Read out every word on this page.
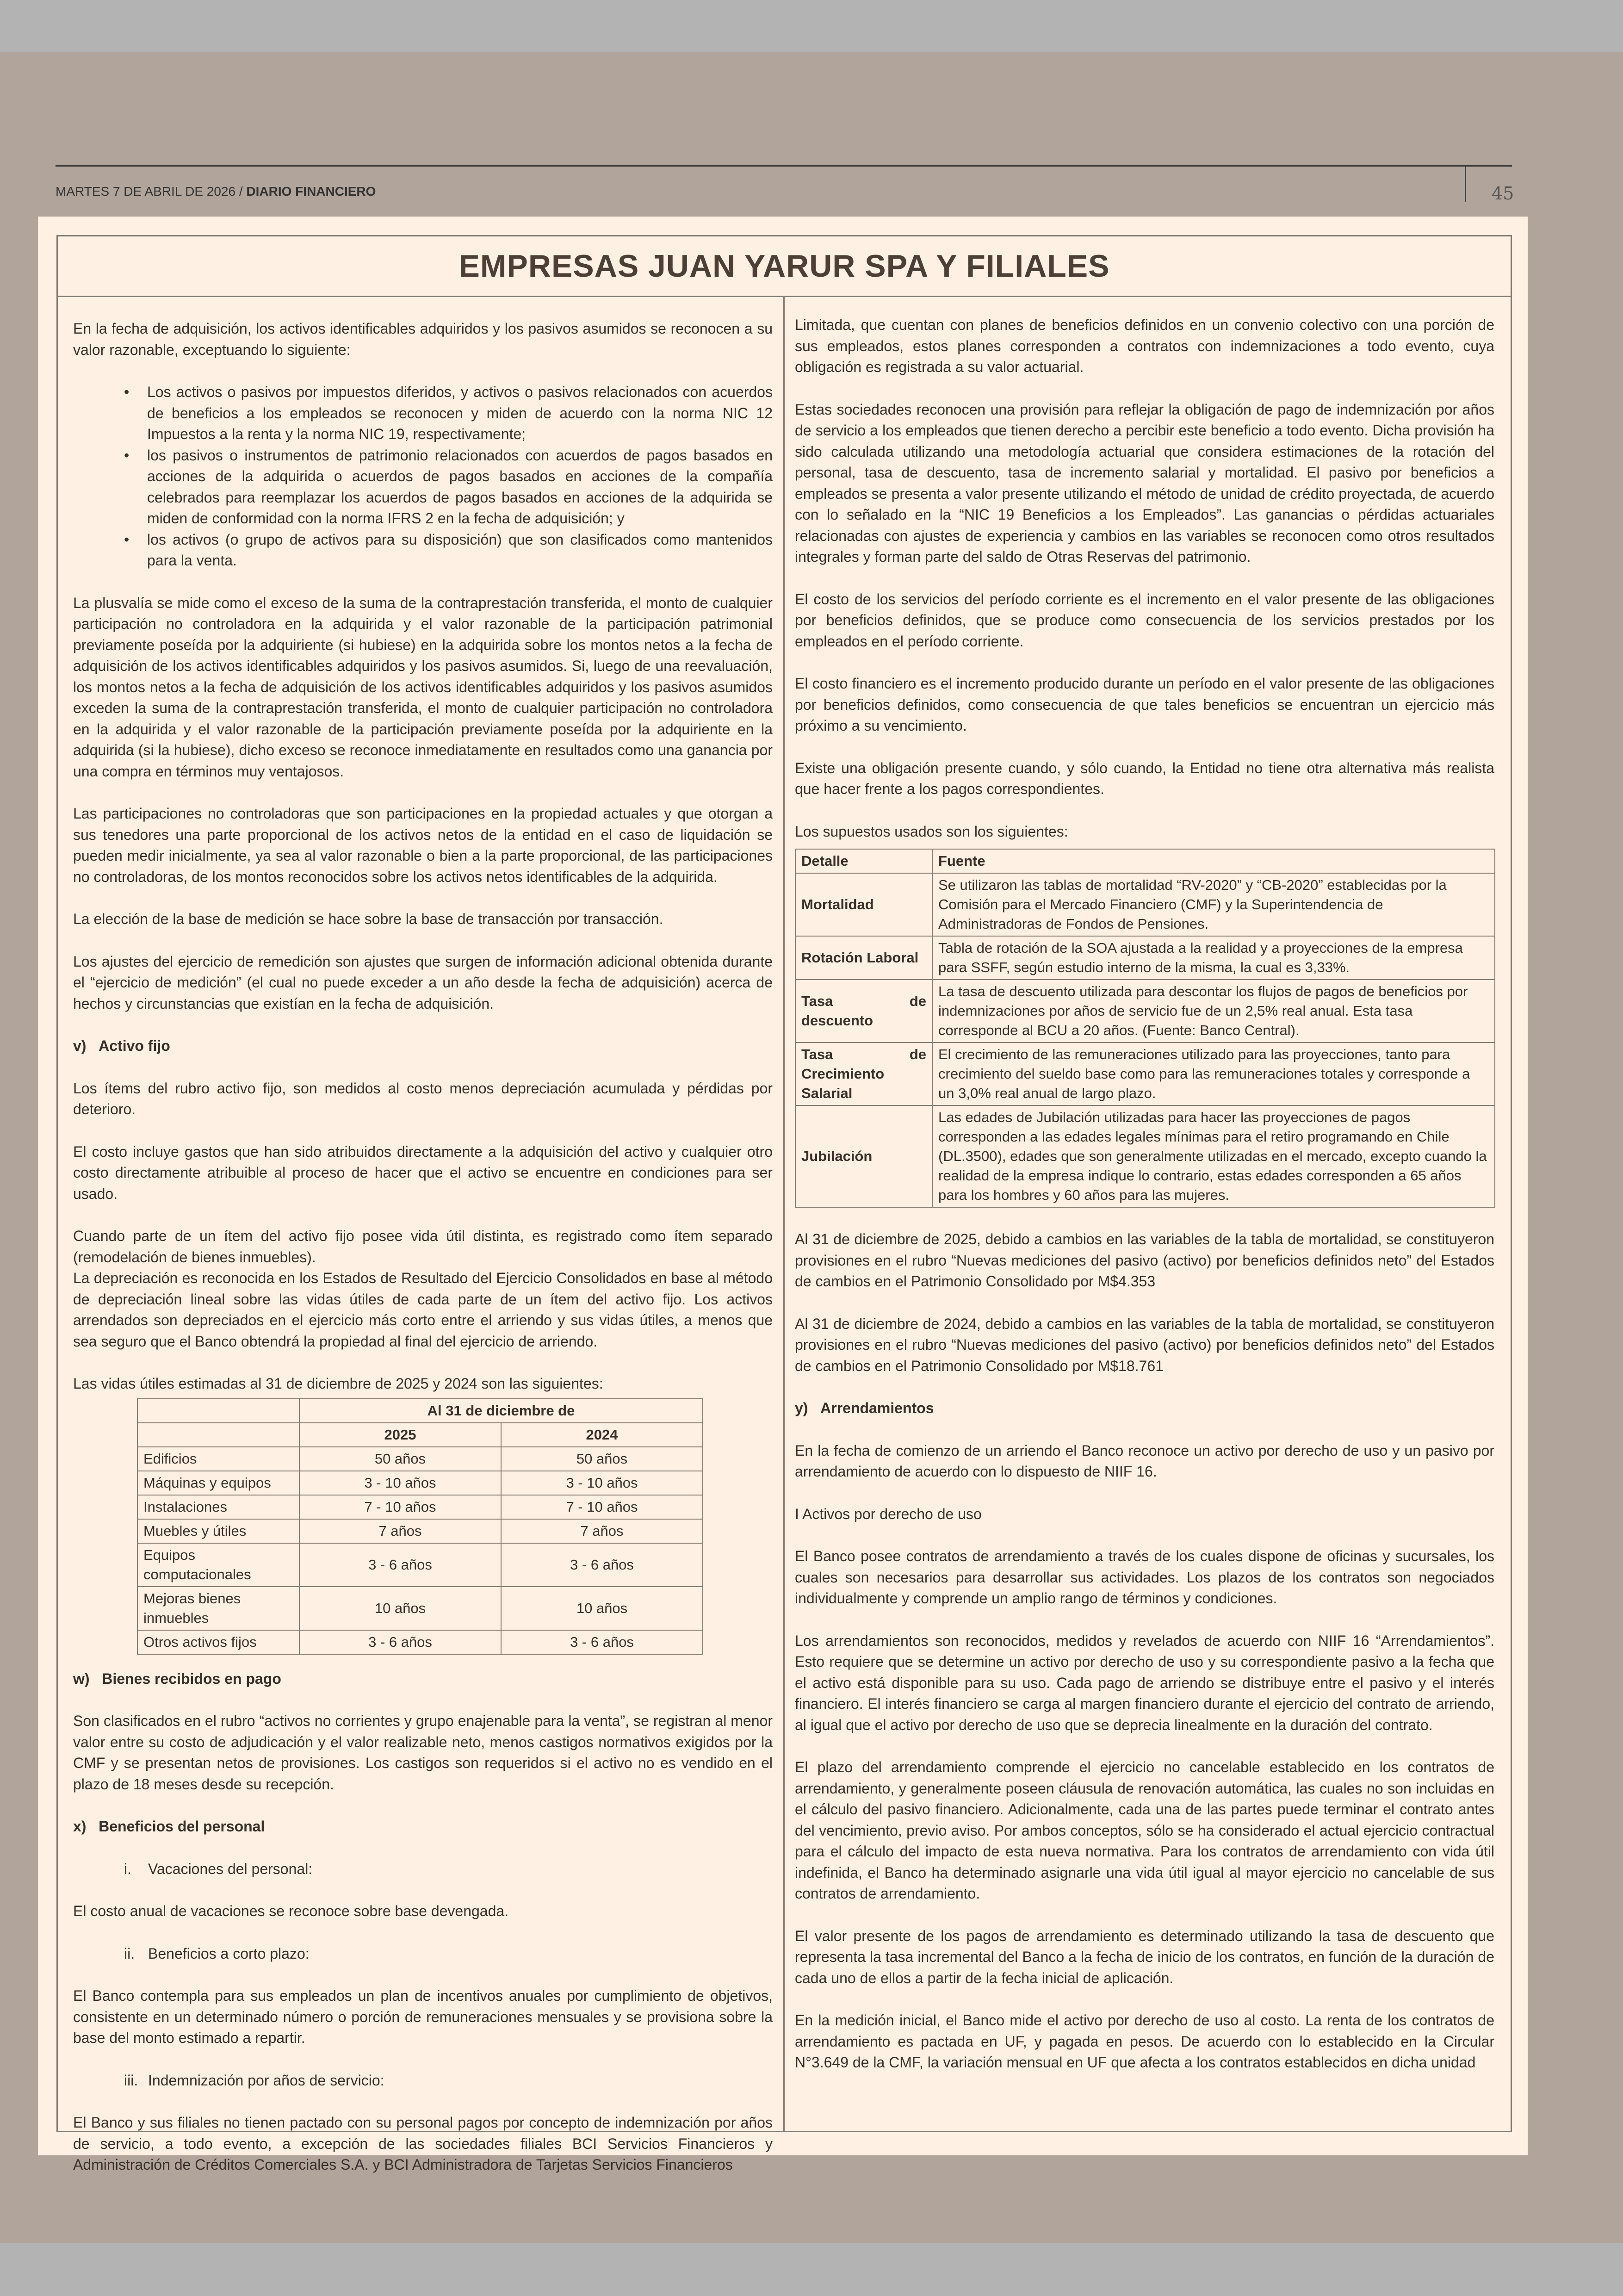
MARTES 7 DE ABRIL DE 2026 / DIARIO FINANCIERO	45
EMPRESAS JUAN YARUR SPA Y FILIALES

En la fecha de adquisición, los activos identificables adquiridos y los pasivos asumidos se reconocen a su valor razonable, exceptuando lo siguiente:

• Los activos o pasivos por impuestos diferidos, y activos o pasivos relacionados con acuerdos de beneficios a los empleados se reconocen y miden de acuerdo con la norma NIC 12 Impuestos a la renta y la norma NIC 19, respectivamente;
• los pasivos o instrumentos de patrimonio relacionados con acuerdos de pagos basados en acciones de la adquirida o acuerdos de pagos basados en acciones de la compañía celebrados para reemplazar los acuerdos de pagos basados en acciones de la adquirida se miden de conformidad con la norma IFRS 2 en la fecha de adquisición; y
• los activos (o grupo de activos para su disposición) que son clasificados como mantenidos para la venta.

La plusvalía se mide como el exceso de la suma de la contraprestación transferida, el monto de cualquier participación no controladora en la adquirida y el valor razonable de la participación patrimonial previamente poseída por la adquiriente (si hubiese) en la adquirida sobre los montos netos a la fecha de adquisición de los activos identificables adquiridos y los pasivos asumidos. Si, luego de una reevaluación, los montos netos a la fecha de adquisición de los activos identificables adquiridos y los pasivos asumidos exceden la suma de la contraprestación transferida, el monto de cualquier participación no controladora en la adquirida y el valor razonable de la participación previamente poseída por la adquiriente en la adquirida (si la hubiese), dicho exceso se reconoce inmediatamente en resultados como una ganancia por una compra en términos muy ventajosos.

Las participaciones no controladoras que son participaciones en la propiedad actuales y que otorgan a sus tenedores una parte proporcional de los activos netos de la entidad en el caso de liquidación se pueden medir inicialmente, ya sea al valor razonable o bien a la parte proporcional, de las participaciones no controladoras, de los montos reconocidos sobre los activos netos identificables de la adquirida.

La elección de la base de medición se hace sobre la base de transacción por transacción.

Los ajustes del ejercicio de remedición son ajustes que surgen de información adicional obtenida durante el “ejercicio de medición” (el cual no puede exceder a un año desde la fecha de adquisición) acerca de hechos y circunstancias que existían en la fecha de adquisición.

v)   Activo fijo

Los ítems del rubro activo fijo, son medidos al costo menos depreciación acumulada y pérdidas por deterioro.

El costo incluye gastos que han sido atribuidos directamente a la adquisición del activo y cualquier otro costo directamente atribuible al proceso de hacer que el activo se encuentre en condiciones para ser usado.

Cuando parte de un ítem del activo fijo posee vida útil distinta, es registrado como ítem separado (remodelación de bienes inmuebles).

La depreciación es reconocida en los Estados de Resultado del Ejercicio Consolidados en base al método de depreciación lineal sobre las vidas útiles de cada parte de un ítem del activo fijo. Los activos arrendados son depreciados en el ejercicio más corto entre el arriendo y sus vidas útiles, a menos que sea seguro que el Banco obtendrá la propiedad al final del ejercicio de arriendo.

Las vidas útiles estimadas al 31 de diciembre de 2025 y 2024 son las siguientes:

	Al 31 de diciembre de	
	2025	2024
Edificios	50 años	50 años
Máquinas y equipos	3 - 10 años	3 - 10 años
Instalaciones	7 - 10 años	7 - 10 años
Muebles y útiles	7 años	7 años
Equipos computacionales	3 - 6 años	3 - 6 años
Mejoras bienes inmuebles	10 años	10 años
Otros activos fijos	3 - 6 años	3 - 6 años
w)   Bienes recibidos en pago

Son clasificados en el rubro “activos no corrientes y grupo enajenable para la venta”, se registran al menor valor entre su costo de adjudicación y el valor realizable neto, menos castigos normativos exigidos por la CMF y se presentan netos de provisiones. Los castigos son requeridos si el activo no es vendido en el plazo de 18 meses desde su recepción.

x)   Beneficios del personal
i. Vacaciones del personal:

El costo anual de vacaciones se reconoce sobre base devengada.

ii. Beneficios a corto plazo:

El Banco contempla para sus empleados un plan de incentivos anuales por cumplimiento de objetivos, consistente en un determinado número o porción de remuneraciones mensuales y se provisiona sobre la base del monto estimado a repartir.

iii. Indemnización por años de servicio:

El Banco y sus filiales no tienen pactado con su personal pagos por concepto de indemnización por años de servicio, a todo evento, a excepción de las sociedades filiales BCI Servicios Financieros y Administración de Créditos Comerciales S.A. y BCI Administradora de Tarjetas Servicios Financieros

Limitada, que cuentan con planes de beneficios definidos en un convenio colectivo con una porción de sus empleados, estos planes corresponden a contratos con indemnizaciones a todo evento, cuya obligación es registrada a su valor actuarial.

Estas sociedades reconocen una provisión para reflejar la obligación de pago de indemnización por años de servicio a los empleados que tienen derecho a percibir este beneficio a todo evento. Dicha provisión ha sido calculada utilizando una metodología actuarial que considera estimaciones de la rotación del personal, tasa de descuento, tasa de incremento salarial y mortalidad. El pasivo por beneficios a empleados se presenta a valor presente utilizando el método de unidad de crédito proyectada, de acuerdo con lo señalado en la “NIC 19 Beneficios a los Empleados”. Las ganancias o pérdidas actuariales relacionadas con ajustes de experiencia y cambios en las variables se reconocen como otros resultados integrales y forman parte del saldo de Otras Reservas del patrimonio.

El costo de los servicios del período corriente es el incremento en el valor presente de las obligaciones por beneficios definidos, que se produce como consecuencia de los servicios prestados por los empleados en el período corriente.

El costo financiero es el incremento producido durante un período en el valor presente de las obligaciones por beneficios definidos, como consecuencia de que tales beneficios se encuentran un ejercicio más próximo a su vencimiento.

Existe una obligación presente cuando, y sólo cuando, la Entidad no tiene otra alternativa más realista que hacer frente a los pagos correspondientes.

Los supuestos usados son los siguientes:

Detalle	Fuente
Mortalidad	Se utilizaron las tablas de mortalidad “RV-2020” y “CB-2020” establecidas por la Comisión para el Mercado Financiero (CMF) y la Superintendencia de Administradoras de Fondos de Pensiones.
Rotación Laboral	Tabla de rotación de la SOA ajustada a la realidad y a proyecciones de la empresa para SSFF, según estudio interno de la misma, la cual es 3,33%.
Tasa de descuento	La tasa de descuento utilizada para descontar los flujos de pagos de beneficios por indemnizaciones por años de servicio fue de un 2,5% real anual. Esta tasa corresponde al BCU a 20 años. (Fuente: Banco Central).
Tasa de Crecimiento Salarial	El crecimiento de las remuneraciones utilizado para las proyecciones, tanto para crecimiento del sueldo base como para las remuneraciones totales y corresponde a un 3,0% real anual de largo plazo.
Jubilación	Las edades de Jubilación utilizadas para hacer las proyecciones de pagos corresponden a las edades legales mínimas para el retiro programando en Chile (DL.3500), edades que son generalmente utilizadas en el mercado, excepto cuando la realidad de la empresa indique lo contrario, estas edades corresponden a 65 años para los hombres y 60 años para las mujeres.

Al 31 de diciembre de 2025, debido a cambios en las variables de la tabla de mortalidad, se constituyeron provisiones en el rubro “Nuevas mediciones del pasivo (activo) por beneficios definidos neto” del Estados de cambios en el Patrimonio Consolidado por M$4.353

Al 31 de diciembre de 2024, debido a cambios en las variables de la tabla de mortalidad, se constituyeron provisiones en el rubro “Nuevas mediciones del pasivo (activo) por beneficios definidos neto” del Estados de cambios en el Patrimonio Consolidado por M$18.761

y)   Arrendamientos

En la fecha de comienzo de un arriendo el Banco reconoce un activo por derecho de uso y un pasivo por arrendamiento de acuerdo con lo dispuesto de NIIF 16.

I Activos por derecho de uso

El Banco posee contratos de arrendamiento a través de los cuales dispone de oficinas y sucursales, los cuales son necesarios para desarrollar sus actividades. Los plazos de los contratos son negociados individualmente y comprende un amplio rango de términos y condiciones.

Los arrendamientos son reconocidos, medidos y revelados de acuerdo con NIIF 16 “Arrendamientos”. Esto requiere que se determine un activo por derecho de uso y su correspondiente pasivo a la fecha que el activo está disponible para su uso. Cada pago de arriendo se distribuye entre el pasivo y el interés financiero. El interés financiero se carga al margen financiero durante el ejercicio del contrato de arriendo, al igual que el activo por derecho de uso que se deprecia linealmente en la duración del contrato.

El plazo del arrendamiento comprende el ejercicio no cancelable establecido en los contratos de arrendamiento, y generalmente poseen cláusula de renovación automática, las cuales no son incluidas en el cálculo del pasivo financiero. Adicionalmente, cada una de las partes puede terminar el contrato antes del vencimiento, previo aviso. Por ambos conceptos, sólo se ha considerado el actual ejercicio contractual para el cálculo del impacto de esta nueva normativa. Para los contratos de arrendamiento con vida útil indefinida, el Banco ha determinado asignarle una vida útil igual al mayor ejercicio no cancelable de sus contratos de arrendamiento.

El valor presente de los pagos de arrendamiento es determinado utilizando la tasa de descuento que representa la tasa incremental del Banco a la fecha de inicio de los contratos, en función de la duración de cada uno de ellos a partir de la fecha inicial de aplicación.

En la medición inicial, el Banco mide el activo por derecho de uso al costo. La renta de los contratos de arrendamiento es pactada en UF, y pagada en pesos. De acuerdo con lo establecido en la Circular N°3.649 de la CMF, la variación mensual en UF que afecta a los contratos establecidos en dicha unidad
